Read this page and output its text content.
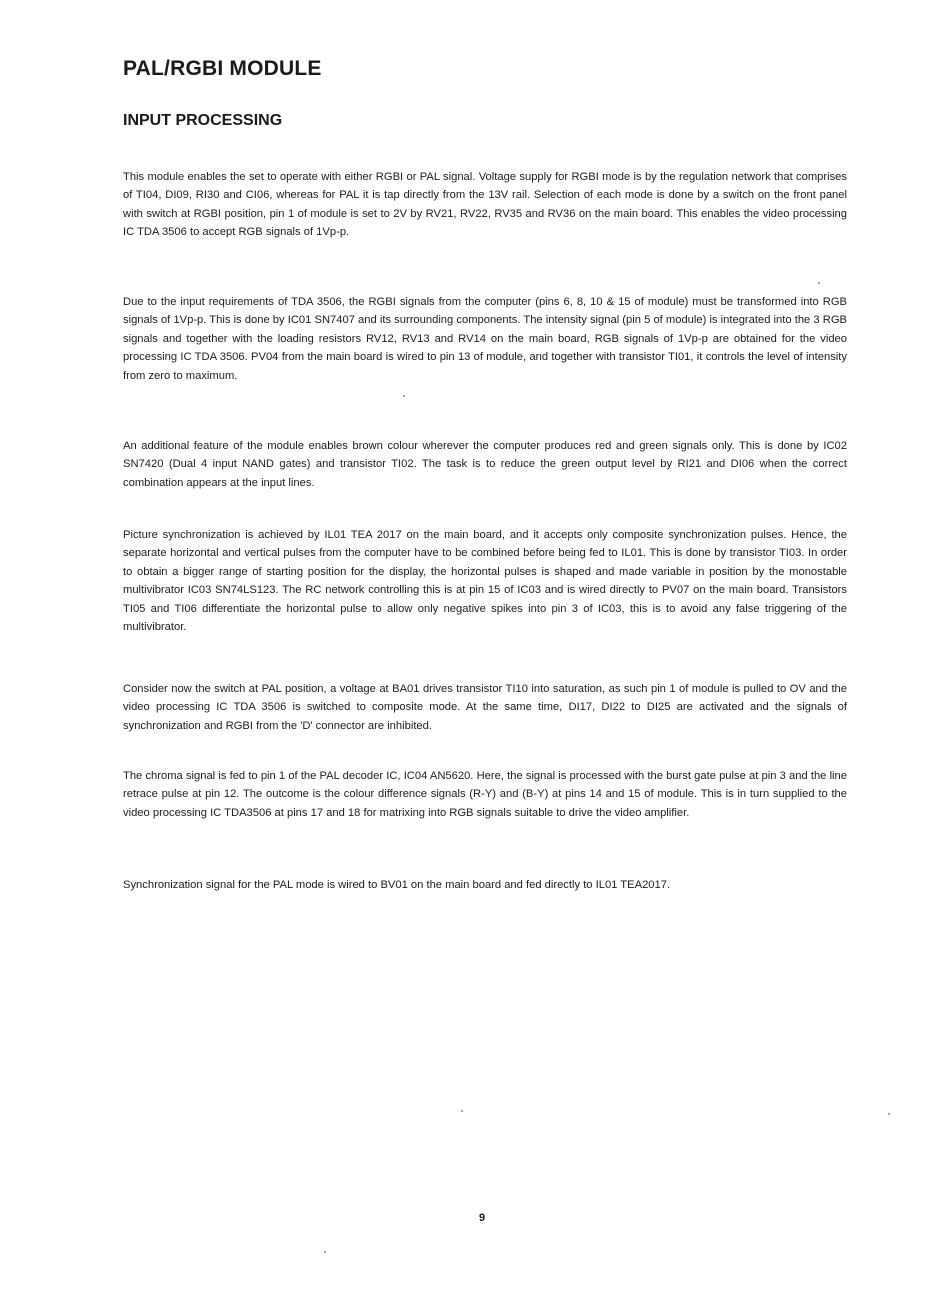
PAL/RGBI MODULE
INPUT PROCESSING

This module enables the set to operate with either RGBI or PAL signal. Voltage supply for RGBI mode is by the regulation network that comprises of TI04, DI09, RI30 and CI06, whereas for PAL it is tap directly from the 13V rail. Selection of each mode is done by a switch on the front panel with switch at RGBI position, pin 1 of module is set to 2V by RV21, RV22, RV35 and RV36 on the main board. This enables the video processing IC TDA 3506 to accept RGB signals of 1Vp-p.

Due to the input requirements of TDA 3506, the RGBI signals from the computer (pins 6, 8, 10 & 15 of module) must be transformed into RGB signals of 1Vp-p. This is done by IC01 SN7407 and its surrounding components. The intensity signal (pin 5 of module) is integrated into the 3 RGB signals and together with the loading resistors RV12, RV13 and RV14 on the main board, RGB signals of 1Vp-p are obtained for the video processing IC TDA 3506. PV04 from the main board is wired to pin 13 of module, and together with transistor TI01, it controls the level of intensity from zero to maximum.

An additional feature of the module enables brown colour wherever the computer produces red and green signals only. This is done by IC02 SN7420 (Dual 4 input NAND gates) and transistor TI02. The task is to reduce the green output level by RI21 and DI06 when the correct combination appears at the input lines.

Picture synchronization is achieved by IL01 TEA 2017 on the main board, and it accepts only composite synchronization pulses. Hence, the separate horizontal and vertical pulses from the computer have to be combined before being fed to IL01. This is done by transistor TI03. In order to obtain a bigger range of starting position for the display, the horizontal pulses is shaped and made variable in position by the monostable multivibrator IC03 SN74LS123. The RC network controlling this is at pin 15 of IC03 and is wired directly to PV07 on the main board. Transistors TI05 and TI06 differentiate the horizontal pulse to allow only negative spikes into pin 3 of IC03, this is to avoid any false triggering of the multivibrator.

Consider now the switch at PAL position, a voltage at BA01 drives transistor TI10 into saturation, as such pin 1 of module is pulled to OV and the video processing IC TDA 3506 is switched to composite mode. At the same time, DI17, DI22 to DI25 are activated and the signals of synchronization and RGBI from the 'D' connector are inhibited.

The chroma signal is fed to pin 1 of the PAL decoder IC, IC04 AN5620. Here, the signal is processed with the burst gate pulse at pin 3 and the line retrace pulse at pin 12. The outcome is the colour difference signals (R-Y) and (B-Y) at pins 14 and 15 of module. This is in turn supplied to the video processing IC TDA3506 at pins 17 and 18 for matrixing into RGB signals suitable to drive the video amplifier.

Synchronization signal for the PAL mode is wired to BV01 on the main board and fed directly to IL01 TEA2017.

9
